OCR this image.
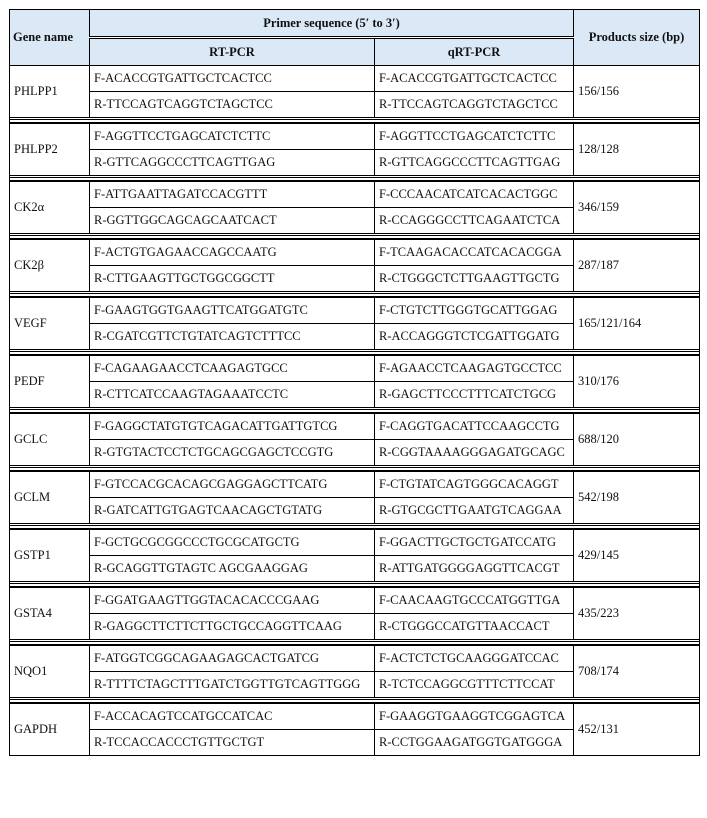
Gene name	Primer sequence (5′ to 3′)		Products size (bp)
	RT-PCR	qRT-PCR	
PHLPP1	F-ACACCGTGATTGCTCACTCC	F-ACACCGTGATTGCTCACTCC	156/156
	R-TTCCAGTCAGGTCTAGCTCC	R-TTCCAGTCAGGTCTAGCTCC	

PHLPP2	F-AGGTTCCTGAGCATCTCTTC	F-AGGTTCCTGAGCATCTCTTC	128/128
	R-GTTCAGGCCCTTCAGTTGAG	R-GTTCAGGCCCTTCAGTTGAG	

CK2α	F-ATTGAATTAGATCCACGTTT	F-CCCAACATCATCACACTGGC	346/159
	R-GGTTGGCAGCAGCAATCACT	R-CCAGGGCCTTCAGAATCTCA	

CK2β	F-ACTGTGAGAACCAGCCAATG	F-TCAAGACACCATCACACGGA	287/187
	R-CTTGAAGTTGCTGGCGGCTT	R-CTGGGCTCTTGAAGTTGCTG	

VEGF	F-GAAGTGGTGAAGTTCATGGATGTC	F-CTGTCTTGGGTGCATTGGAG	165/121/164
	R-CGATCGTTCTGTATCAGTCTTTCC	R-ACCAGGGTCTCGATTGGATG	

PEDF	F-CAGAAGAACCTCAAGAGTGCC	F-AGAACCTCAAGAGTGCCTCC	310/176
	R-CTTCATCCAAGTAGAAATCCTC	R-GAGCTTCCCTTTCATCTGCG	

GCLC	F-GAGGCTATGTGTCAGACATTGATTGTCG	F-CAGGTGACATTCCAAGCCTG	688/120
	R-GTGTACTCCTCTGCAGCGAGCTCCGTG	R-CGGTAAAAGGGAGATGCAGC	

GCLM	F-GTCCACGCACAGCGAGGAGCTTCATG	F-CTGTATCAGTGGGCACAGGT	542/198
	R-GATCATTGTGAGTCAACAGCTGTATG	R-GTGCGCTTGAATGTCAGGAA	

GSTP1	F-GCTGCGCGGCCCTGCGCATGCTG	F-GGACTTGCTGCTGATCCATG	429/145
	R-GCAGGTTGTAGTC AGCGAAGGAG	R-ATTGATGGGGAGGTTCACGT	

GSTA4	F-GGATGAAGTTGGTACACACCCGAAG	F-CAACAAGTGCCCATGGTTGA	435/223
	R-GAGGCTTCTTCTTGCTGCCAGGTTCAAG	R-CTGGGCCATGTTAACCACT	

NQO1	F-ATGGTCGGCAGAAGAGCACTGATCG	F-ACTCTCTGCAAGGGATCCAC	708/174
	R-TTTTCTAGCTTTGATCTGGTTGTCAGTTGGG	R-TCTCCAGGCGTTTCTTCCAT	

GAPDH	F-ACCACAGTCCATGCCATCAC	F-GAAGGTGAAGGTCGGAGTCA	452/131
	R-TCCACCACCCTGTTGCTGT	R-CCTGGAAGATGGTGATGGGA	
